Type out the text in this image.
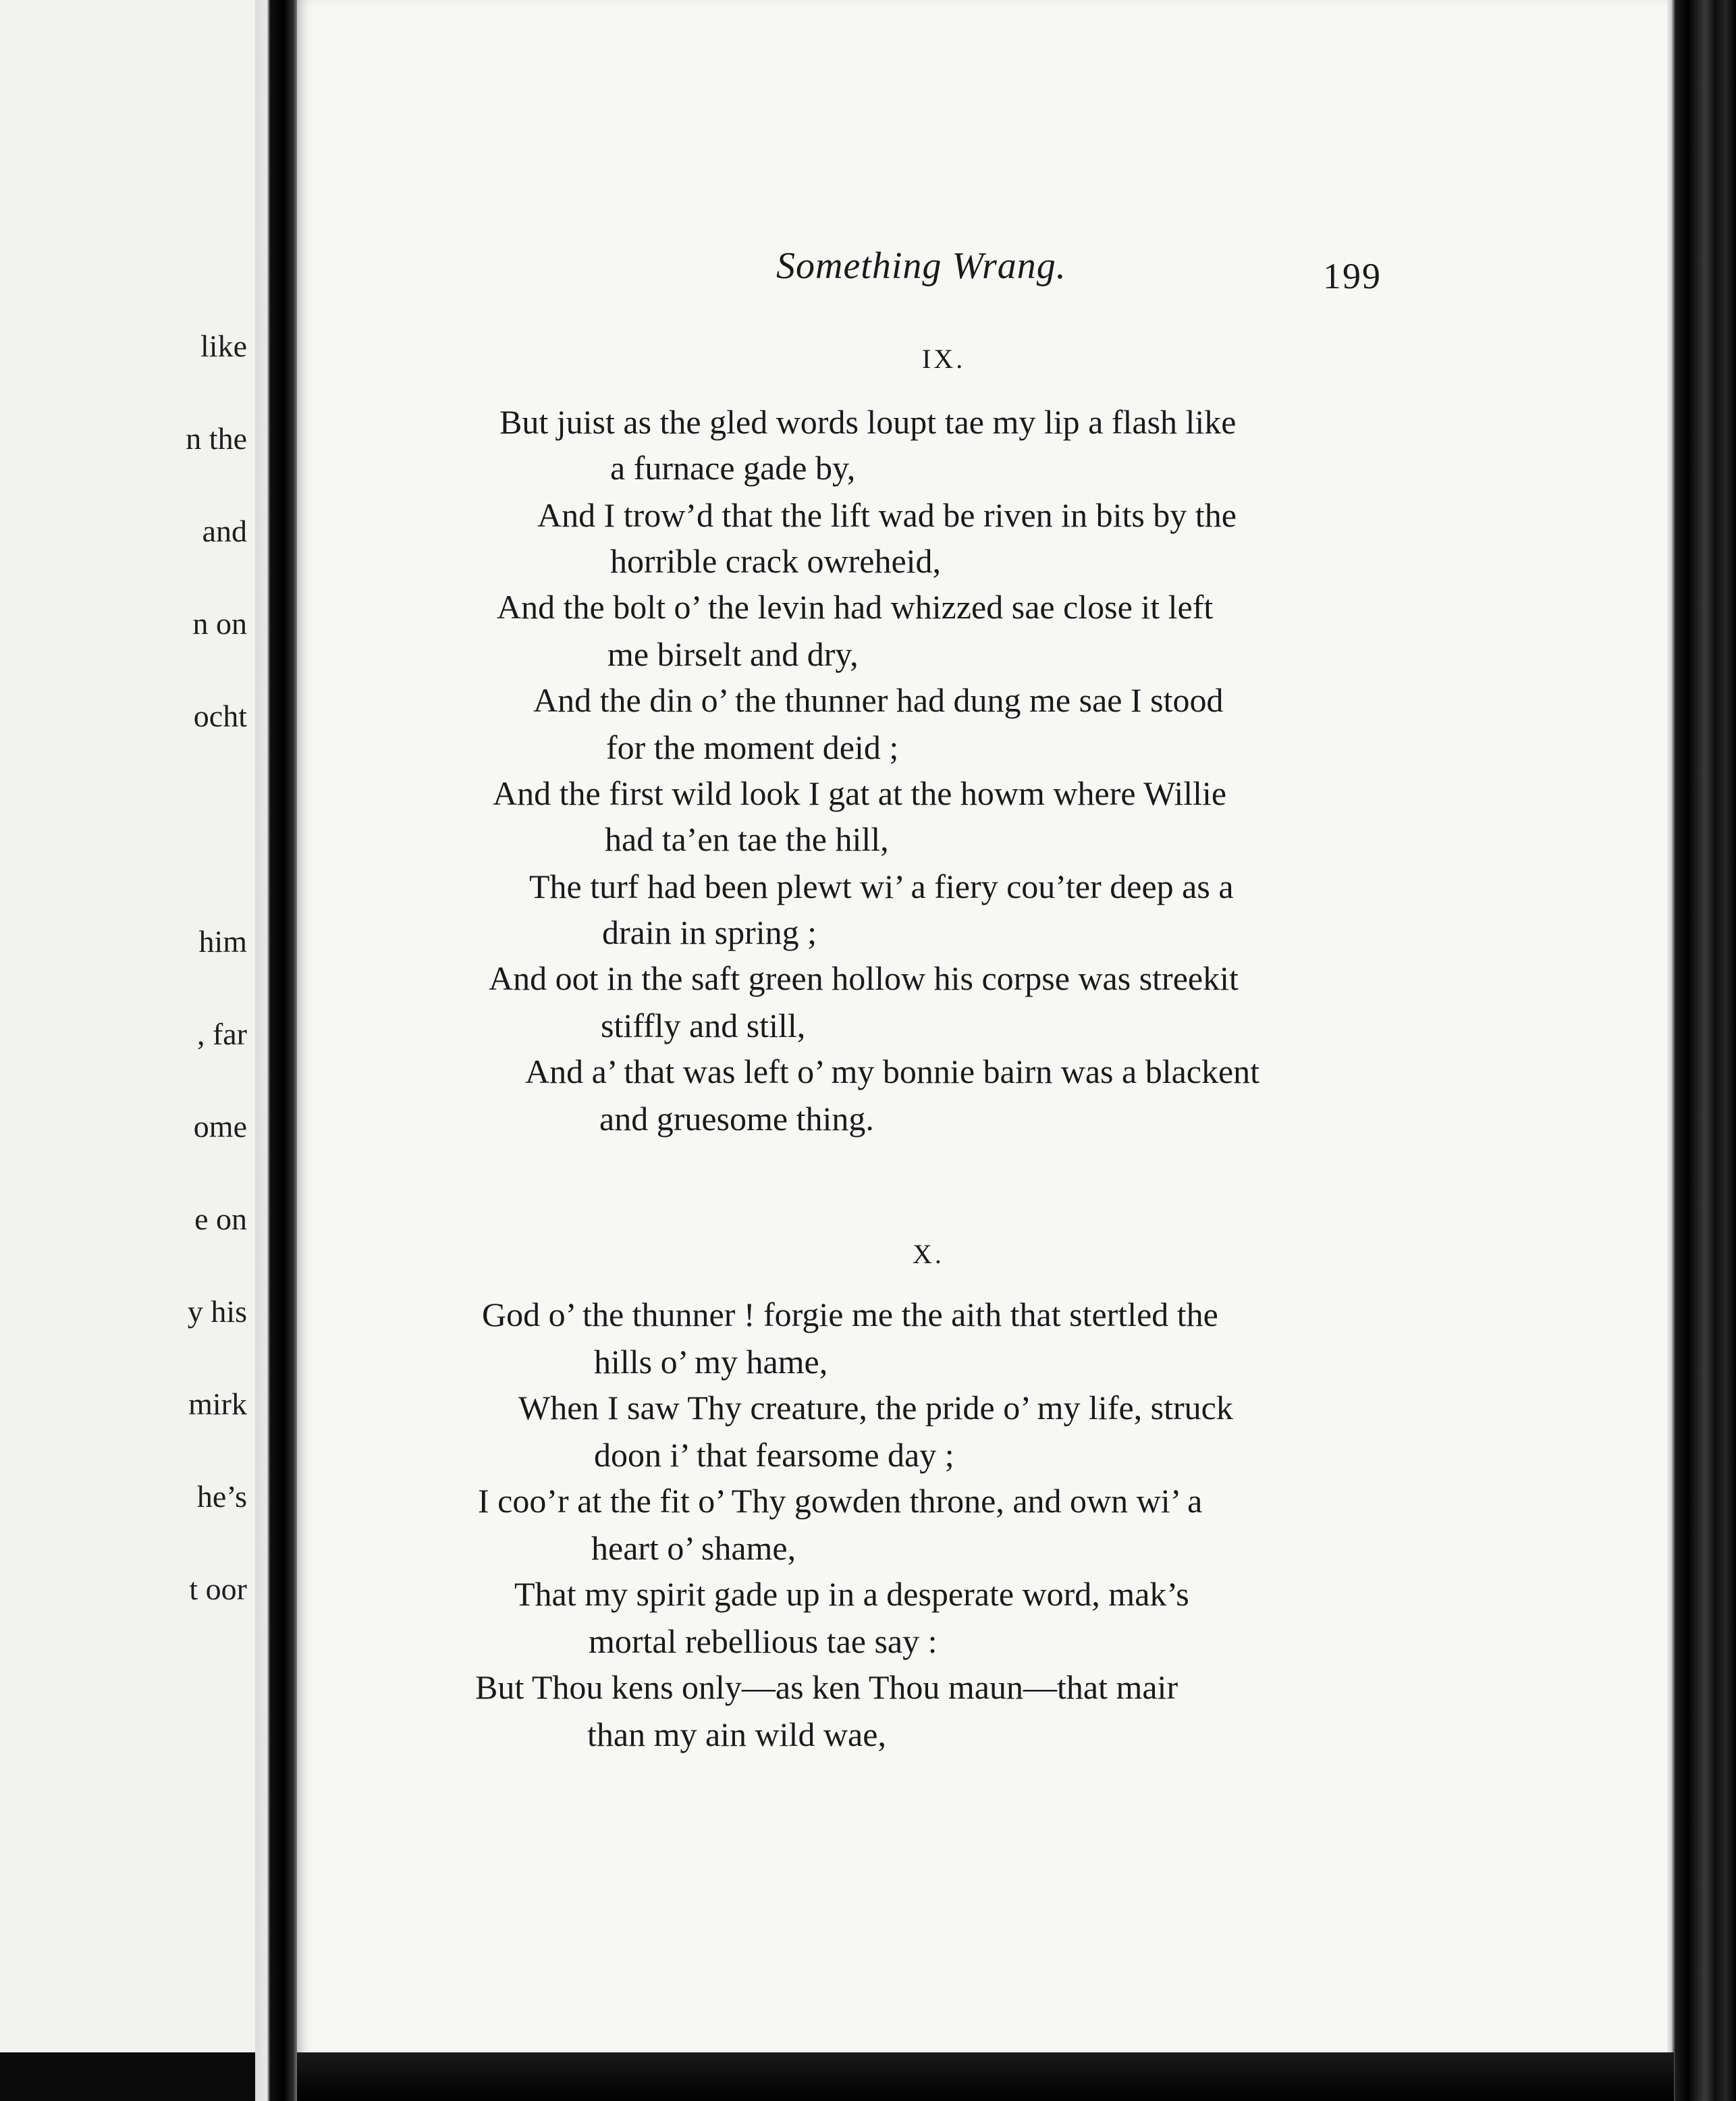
like
n the
and
n on
ocht
him
, far
ome
e on
y his
mirk
he’s
t oor
Something Wrang.	199
IX.
But juist as the gled words loupt tae my lip a flash like
a furnace gade by,
And I trow’d that the lift wad be riven in bits by the
horrible crack owreheid,
And the bolt o’ the levin had whizzed sae close it left
me birselt and dry,
And the din o’ the thunner had dung me sae I stood
for the moment deid ;
And the first wild look I gat at the howm where Willie
had ta’en tae the hill,
The turf had been plewt wi’ a fiery cou’ter deep as a
drain in spring ;
And oot in the saft green hollow his corpse was streekit
stiffly and still,
And a’ that was left o’ my bonnie bairn was a blackent
and gruesome thing.
X.
God o’ the thunner ! forgie me the aith that stertled the
hills o’ my hame,
When I saw Thy creature, the pride o’ my life, struck
doon i’ that fearsome day ;
I coo’r at the fit o’ Thy gowden throne, and own wi’ a
heart o’ shame,
That my spirit gade up in a desperate word, mak’s
mortal rebellious tae say :
But Thou kens only—as ken Thou maun—that mair
than my ain wild wae,
